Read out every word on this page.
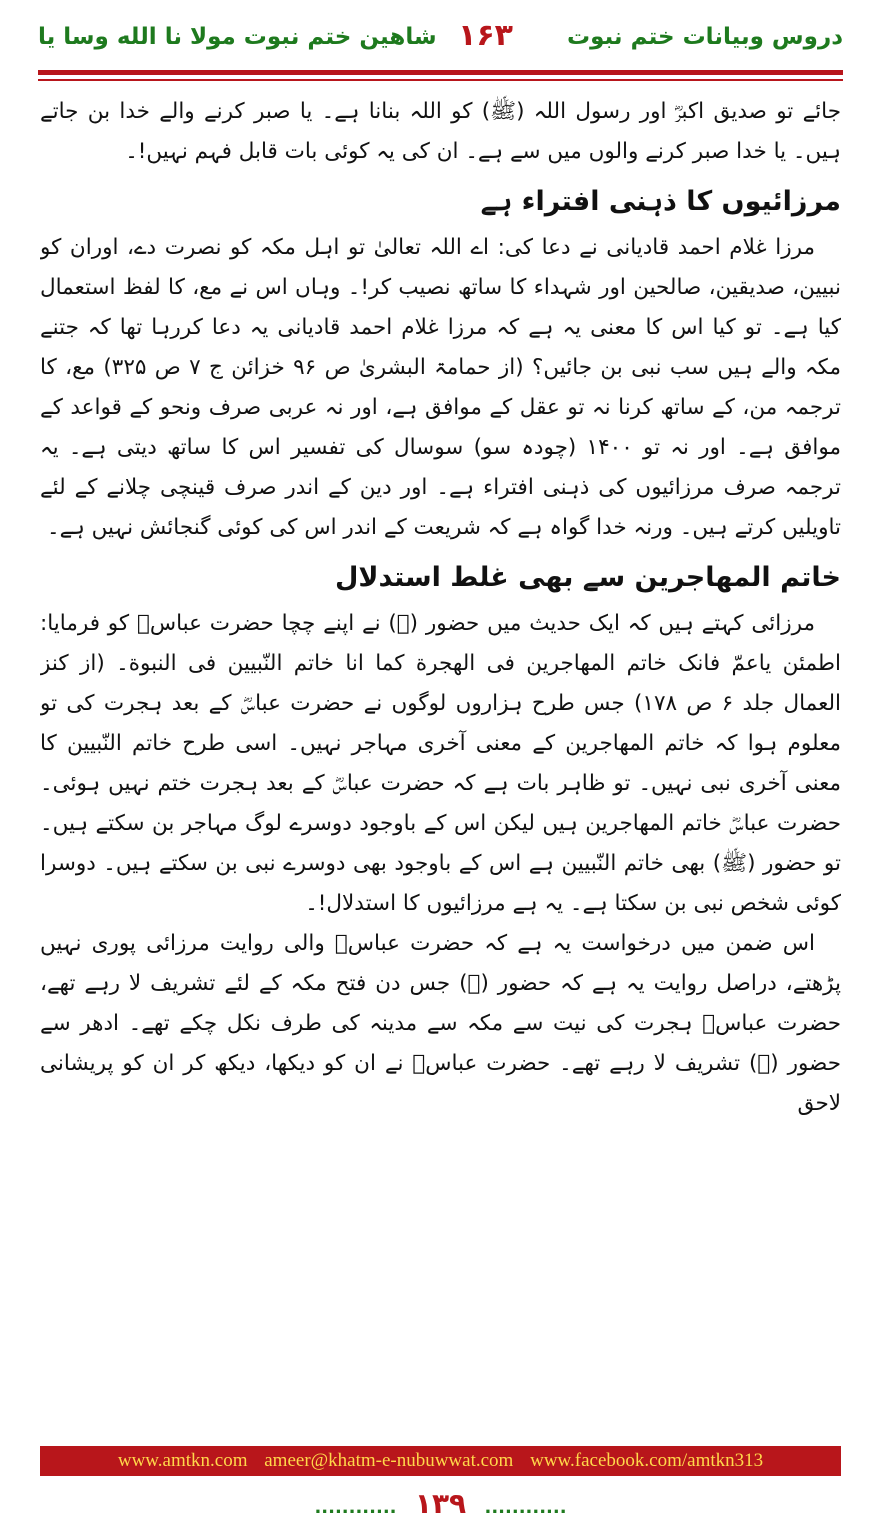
دروس وبیانات ختم نبوت
۱۶۳
شاهین ختم نبوت مولا نا الله وسا یا

جائے تو صدیق اکبرؓ اور رسول اللہ (ﷺ) کو اللہ بنانا ہے۔ یا صبر کرنے والے خدا بن جاتے ہیں۔ یا خدا صبر کرنے والوں میں سے ہے۔ ان کی یہ کوئی بات قابل فہم نہیں!۔

مرزائیوں کا ذہنی افتراء ہے

مرزا غلام احمد قادیانی نے دعا کی: اے اللہ تعالیٰ تو اہل مکہ کو نصرت دے، اوران کو نبیین، صدیقین، صالحین اور شہداء کا ساتھ نصیب کر!۔ وہاں اس نے مع، کا لفظ استعمال کیا ہے۔ تو کیا اس کا معنی یہ ہے کہ مرزا غلام احمد قادیانی یہ دعا کررہا تھا کہ جتنے مکہ والے ہیں سب نبی بن جائیں؟ (از حمامۃ البشریٰ ص ۹۶ خزائن ج ۷ ص ۳۲۵) مع، کا ترجمہ من، کے ساتھ کرنا نہ تو عقل کے موافق ہے، اور نہ عربی صرف ونحو کے قواعد کے موافق ہے۔ اور نہ تو ۱۴۰۰ (چودہ سو) سوسال کی تفسیر اس کا ساتھ دیتی ہے۔ یہ ترجمہ صرف مرزائیوں کی ذہنی افتراء ہے۔ اور دین کے اندر صرف قینچی چلانے کے لئے تاویلیں کرتے ہیں۔ ورنہ خدا گواہ ہے کہ شریعت کے اندر اس کی کوئی گنجائش نہیں ہے۔

خاتم المهاجرین سے بھی غلط استدلال

مرزائی کہتے ہیں کہ ایک حدیث میں حضور (ﷺ) نے اپنے چچا حضرت عباسؓ کو فرمایا: اطمئن یاعمّ فانک خاتم المهاجرین فی الهجرة کما انا خاتم النّبیین فی النبوة۔ (از کنز العمال جلد ۶ ص ۱۷۸) جس طرح ہزاروں لوگوں نے حضرت عباسؓ کے بعد ہجرت کی تو معلوم ہوا کہ خاتم المهاجرین کے معنی آخری مہاجر نہیں۔ اسی طرح خاتم النّبیین کا معنی آخری نبی نہیں۔ تو ظاہر بات ہے کہ حضرت عباسؓ کے بعد ہجرت ختم نہیں ہوئی۔ حضرت عباسؓ خاتم المهاجرین ہیں لیکن اس کے باوجود دوسرے لوگ مہاجر بن سکتے ہیں۔ تو حضور (ﷺ) بھی خاتم النّبیین ہے اس کے باوجود بھی دوسرے نبی بن سکتے ہیں۔ دوسرا کوئی شخص نبی بن سکتا ہے۔ یہ ہے مرزائیوں کا استدلال!۔

اس ضمن میں درخواست یہ ہے کہ حضرت عباسؓ والی روایت مرزائی پوری نہیں پڑھتے، دراصل روایت یہ ہے کہ حضور (ﷺ) جس دن فتح مکہ کے لئے تشریف لا رہے تھے، حضرت عباسؓ ہجرت کی نیت سے مکہ سے مدینہ کی طرف نکل چکے تھے۔ ادھر سے حضور (ﷺ) تشریف لا رہے تھے۔ حضرت عباسؓ نے ان کو دیکھا، دیکھ کر ان کو پریشانی لاحق

www.amtkn.com ameer@khatm-e-nubuwwat.com www.facebook.com/amtkn313
............ ۱۳۹ ............
